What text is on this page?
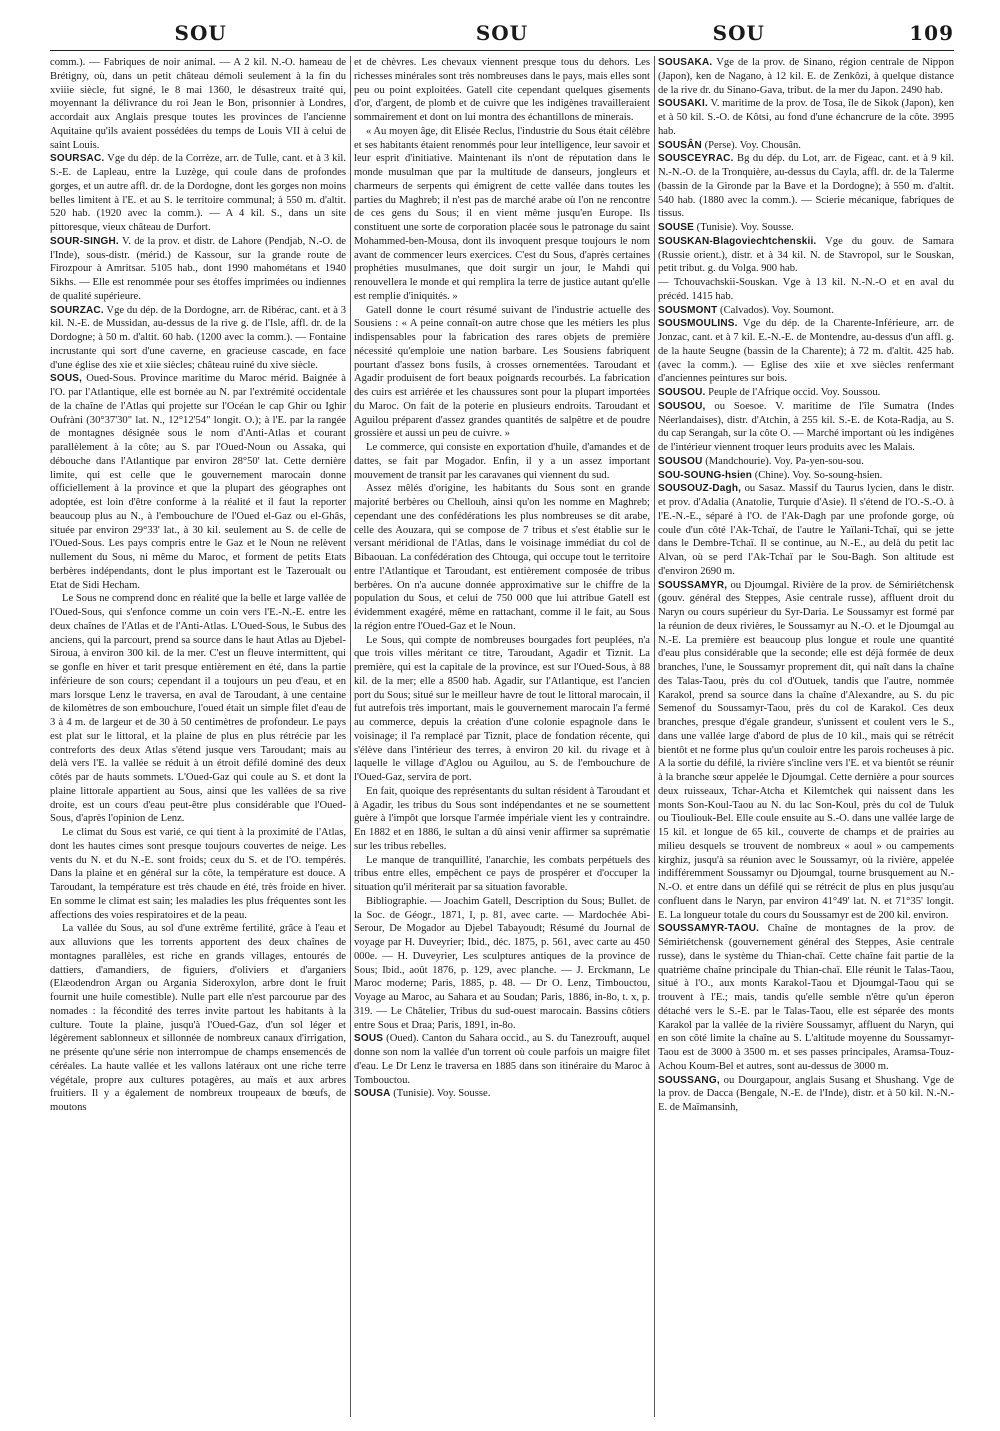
SOU	SOU	SOU	109

comm.). — Fabriques de noir animal. — A 2 kil. N.-O. hameau de Brétigny, où, dans un petit château démoli seulement à la fin du xviiie siècle, fut signé, le 8 mai 1360, le désastreux traité qui, moyennant la délivrance du roi Jean le Bon, prisonnier à Londres, accordait aux Anglais presque toutes les provinces de l'ancienne Aquitaine qu'ils avaient possédées du temps de Louis VII à celui de saint Louis.

SOURSAC. Vge du dép. de la Corrèze, arr. de Tulle, cant. et à 3 kil. S.-E. de Lapleau, entre la Luzège, qui coule dans de profondes gorges, et un autre affl. dr. de la Dordogne, dont les gorges non moins belles limitent à l'E. et au S. le territoire communal; à 550 m. d'altit. 520 hab. (1920 avec la comm.). — A 4 kil. S., dans un site pittoresque, vieux château de Durfort.

SOUR-SINGH. V. de la prov. et distr. de Lahore (Pendjab, N.-O. de l'Inde), sous-distr. (mérid.) de Kassour, sur la grande route de Firozpour à Amritsar. 5105 hab., dont 1990 mahométans et 1940 Sikhs. — Elle est renommée pour ses étoffes imprimées ou indiennes de qualité supérieure.

SOURZAC. Vge du dép. de la Dordogne, arr. de Ribérac, cant. et à 3 kil. N.-E. de Mussidan, au-dessus de la rive g. de l'Isle, affl. dr. de la Dordogne; à 50 m. d'altit. 60 hab. (1200 avec la comm.). — Fontaine incrustante qui sort d'une caverne, en gracieuse cascade, en face d'une église des xie et xiie siècles; château ruiné du xive siècle.

SOUS, Oued-Sous. Province maritime du Maroc mérid. Baignée à l'O. par l'Atlantique, elle est bornée au N. par l'extrémité occidentale de la chaîne de l'Atlas qui projette sur l'Océan le cap Ghir ou Ighir Oufràni (30°37'30" lat. N., 12°12'54" longit. O.); à l'E. par la rangée de montagnes désignée sous le nom d'Anti-Atlas et courant parallèlement à la côte; au S. par l'Oued-Noun ou Assaka, qui débouche dans l'Atlantique par environ 28°50' lat. Cette dernière limite, qui est celle que le gouvernement marocain donne officiellement à la province et que la plupart des géographes ont adoptée, est loin d'être conforme à la réalité et il faut la reporter beaucoup plus au N., à l'embouchure de l'Oued el-Gaz ou el-Ghâs, située par environ 29°33' lat., à 30 kil. seulement au S. de celle de l'Oued-Sous. Les pays compris entre le Gaz et le Noun ne relèvent nullement du Sous, ni même du Maroc, et forment de petits Etats berbères indépendants, dont le plus important est le Tazeroualt ou Etat de Sidi Hecham.

Le Sous ne comprend donc en réalité que la belle et large vallée de l'Oued-Sous, qui s'enfonce comme un coin vers l'E.-N.-E. entre les deux chaînes de l'Atlas et de l'Anti-Atlas. L'Oued-Sous, le Subus des anciens, qui la parcourt, prend sa source dans le haut Atlas au Djebel-Siroua, à environ 300 kil. de la mer. C'est un fleuve intermittent, qui se gonfle en hiver et tarit presque entièrement en été, dans la partie inférieure de son cours; cependant il a toujours un peu d'eau, et en mars lorsque Lenz le traversa, en aval de Taroudant, à une centaine de kilomètres de son embouchure, l'oued était un simple filet d'eau de 3 à 4 m. de largeur et de 30 à 50 centimètres de profondeur. Le pays est plat sur le littoral, et la plaine de plus en plus rétrécie par les contreforts des deux Atlas s'étend jusque vers Taroudant; mais au delà vers l'E. la vallée se réduit à un étroit défilé dominé des deux côtés par de hauts sommets. L'Oued-Gaz qui coule au S. et dont la plaine littorale appartient au Sous, ainsi que les vallées de sa rive droite, est un cours d'eau peut-être plus considérable que l'Oued-Sous, d'après l'opinion de Lenz.

Le climat du Sous est varié, ce qui tient à la proximité de l'Atlas, dont les hautes cimes sont presque toujours couvertes de neige. Les vents du N. et du N.-E. sont froids; ceux du S. et de l'O. tempérés. Dans la plaine et en général sur la côte, la température est douce. A Taroudant, la température est très chaude en été, très froide en hiver. En somme le climat est sain; les maladies les plus fréquentes sont les affections des voies respiratoires et de la peau.

La vallée du Sous, au sol d'une extrême fertilité, grâce à l'eau et aux alluvions que les torrents apportent des deux chaînes de montagnes parallèles, est riche en grands villages, entourés de dattiers, d'amandiers, de figuiers, d'oliviers et d'arganiers (Elæodendron Argan ou Argania Sideroxylon, arbre dont le fruit fournit une huile comestible). Nulle part elle n'est parcourue par des nomades : la fécondité des terres invite partout les habitants à la culture. Toute la plaine, jusqu'à l'Oued-Gaz, d'un sol léger et légèrement sablonneux et sillonnée de nombreux canaux d'irrigation, ne présente qu'une série non interrompue de champs ensemencés de céréales. La haute vallée et les vallons latéraux ont une riche terre végétale, propre aux cultures potagères, au maïs et aux arbres fruitiers. Il y a également de nombreux troupeaux de bœufs, de moutons

et de chèvres. Les chevaux viennent presque tous du dehors. Les richesses minérales sont très nombreuses dans le pays, mais elles sont peu ou point exploitées. Gatell cite cependant quelques gisements d'or, d'argent, de plomb et de cuivre que les indigènes travailleraient sommairement et dont on lui montra des échantillons de minerais.

« Au moyen âge, dit Elisée Reclus, l'industrie du Sous était célèbre et ses habitants étaient renommés pour leur intelligence, leur savoir et leur esprit d'initiative. Maintenant ils n'ont de réputation dans le monde musulman que par la multitude de danseurs, jongleurs et charmeurs de serpents qui émigrent de cette vallée dans toutes les parties du Maghreb; il n'est pas de marché arabe où l'on ne rencontre de ces gens du Sous; il en vient même jusqu'en Europe. Ils constituent une sorte de corporation placée sous le patronage du saint Mohammed-ben-Mousa, dont ils invoquent presque toujours le nom avant de commencer leurs exercices. C'est du Sous, d'après certaines prophéties musulmanes, que doit surgir un jour, le Mahdi qui renouvellera le monde et qui remplira la terre de justice autant qu'elle est remplie d'iniquités. »

Gatell donne le court résumé suivant de l'industrie actuelle des Sousiens : « A peine connaît-on autre chose que les métiers les plus indispensables pour la fabrication des rares objets de première nécessité qu'emploie une nation barbare. Les Sousiens fabriquent pourtant d'assez bons fusils, à crosses ornementées. Taroudant et Agadir produisent de fort beaux poignards recourbés. La fabrication des cuirs est arriérée et les chaussures sont pour la plupart importées du Maroc. On fait de la poterie en plusieurs endroits. Taroudant et Aguilou préparent d'assez grandes quantités de salpêtre et de poudre grossière et aussi un peu de cuivre. »

Le commerce, qui consiste en exportation d'huile, d'amandes et de dattes, se fait par Mogador. Enfin, il y a un assez important mouvement de transit par les caravanes qui viennent du sud.

Assez mêlés d'origine, les habitants du Sous sont en grande majorité berbères ou Chellouh, ainsi qu'on les nomme en Maghreb; cependant une des confédérations les plus nombreuses se dit arabe, celle des Aouzara, qui se compose de 7 tribus et s'est établie sur le versant méridional de l'Atlas, dans le voisinage immédiat du col de Bibaouan. La confédération des Chtouga, qui occupe tout le territoire entre l'Atlantique et Taroudant, est entièrement composée de tribus berbères. On n'a aucune donnée approximative sur le chiffre de la population du Sous, et celui de 750 000 que lui attribue Gatell est évidemment exagéré, même en rattachant, comme il le fait, au Sous la région entre l'Oued-Gaz et le Noun.

Le Sous, qui compte de nombreuses bourgades fort peuplées, n'a que trois villes méritant ce titre, Taroudant, Agadir et Tiznit. La première, qui est la capitale de la province, est sur l'Oued-Sous, à 88 kil. de la mer; elle a 8500 hab. Agadir, sur l'Atlantique, est l'ancien port du Sous; situé sur le meilleur havre de tout le littoral marocain, il fut autrefois très important, mais le gouvernement marocain l'a fermé au commerce, depuis la création d'une colonie espagnole dans le voisinage; il l'a remplacé par Tiznit, place de fondation récente, qui s'élève dans l'intérieur des terres, à environ 20 kil. du rivage et à laquelle le village d'Aglou ou Aguilou, au S. de l'embouchure de l'Oued-Gaz, servira de port.

En fait, quoique des représentants du sultan résident à Taroudant et à Agadir, les tribus du Sous sont indépendantes et ne se soumettent guère à l'impôt que lorsque l'armée impériale vient les y contraindre. En 1882 et en 1886, le sultan a dû ainsi venir affirmer sa suprématie sur les tribus rebelles.

Le manque de tranquillité, l'anarchie, les combats perpétuels des tribus entre elles, empêchent ce pays de prospérer et d'occuper la situation qu'il mériterait par sa situation favorable.

Bibliographie. — Joachim Gatell, Description du Sous; Bullet. de la Soc. de Géogr., 1871, I, p. 81, avec carte. — Mardochée Abi-Serour, De Mogador au Djebel Tabayoudt; Résumé du Journal de voyage par H. Duveyrier; Ibid., déc. 1875, p. 561, avec carte au 450 000e. — H. Duveyrier, Les sculptures antiques de la province de Sous; Ibid., août 1876, p. 129, avec planche. — J. Erckmann, Le Maroc moderne; Paris, 1885, p. 48. — Dr O. Lenz, Timbouctou, Voyage au Maroc, au Sahara et au Soudan; Paris, 1886, in-8o, t. x, p. 319. — Le Châtelier, Tribus du sud-ouest marocain. Bassins côtiers entre Sous et Draa; Paris, 1891, in-8o.

SOUS (Oued). Canton du Sahara occid., au S. du Tanezrouft, auquel donne son nom la vallée d'un torrent où coule parfois un maigre filet d'eau. Le Dr Lenz le traversa en 1885 dans son itinéraire du Maroc à Tombouctou.

SOUSA (Tunisie). Voy. Sousse.

SOUSAKA. Vge de la prov. de Sinano, région centrale de Nippon (Japon), ken de Nagano, à 12 kil. E. de Zenkôzi, à quelque distance de la rive dr. du Sinano-Gava, tribut. de la mer du Japon. 2490 hab.

SOUSAKI. V. maritime de la prov. de Tosa, île de Sikok (Japon), ken et à 50 kil. S.-O. de Kôtsi, au fond d'une échancrure de la côte. 3995 hab.

SOUSÂN (Perse). Voy. Chousân.

SOUSCEYRAC. Bg du dép. du Lot, arr. de Figeac, cant. et à 9 kil. N.-N.-O. de la Tronquière, au-dessus du Cayla, affl. dr. de la Talerme (bassin de la Gironde par la Bave et la Dordogne); à 550 m. d'altit. 540 hab. (1880 avec la comm.). — Scierie mécanique, fabriques de tissus.

SOUSE (Tunisie). Voy. Sousse.

SOUSKAN-Blagoviechtchenskii. Vge du gouv. de Samara (Russie orient.), distr. et à 34 kil. N. de Stavropol, sur le Souskan, petit tribut. g. du Volga. 900 hab.

— Tchouvachskii-Souskan. Vge à 13 kil. N.-N.-O et en aval du précéd. 1415 hab.

SOUSMONT (Calvados). Voy. Soumont.

SOUSMOULINS. Vge du dép. de la Charente-Inférieure, arr. de Jonzac, cant. et à 7 kil. E.-N.-E. de Montendre, au-dessus d'un affl. g. de la haute Seugne (bassin de la Charente); à 72 m. d'altit. 425 hab. (avec la comm.). — Eglise des xiie et xve siècles renfermant d'anciennes peintures sur bois.

SOUSOU. Peuple de l'Afrique occid. Voy. Soussou.

SOUSOU, ou Soesoe. V. maritime de l'île Sumatra (Indes Néerlandaises), distr. d'Atchin, à 255 kil. S.-E. de Kota-Radja, au S. du cap Serangah, sur la côte O. — Marché important où les indigènes de l'intérieur viennent troquer leurs produits avec les Malais.

SOUSOU (Mandchourie). Voy. Pa-yen-sou-sou.

SOU-SOUNG-hsien (Chine). Voy. So-soung-hsien.

SOUSOUZ-Dagh, ou Sasaz. Massif du Taurus lycien, dans le distr. et prov. d'Adalia (Anatolie, Turquie d'Asie). Il s'étend de l'O.-S.-O. à l'E.-N.-E., séparé à l'O. de l'Ak-Dagh par une profonde gorge, où coule d'un côté l'Ak-Tchaï, de l'autre le Yaïlani-Tchaï, qui se jette dans le Dembre-Tchaï. Il se continue, au N.-E., au delà du petit lac Alvan, où se perd l'Ak-Tchaï par le Sou-Bagh. Son altitude est d'environ 2690 m.

SOUSSAMYR, ou Djoumgal. Rivière de la prov. de Sémiriétchensk (gouv. général des Steppes, Asie centrale russe), affluent droit du Naryn ou cours supérieur du Syr-Daria. Le Soussamyr est formé par la réunion de deux rivières, le Soussamyr au N.-O. et le Djoumgal au N.-E. La première est beaucoup plus longue et roule une quantité d'eau plus considérable que la seconde; elle est déjà formée de deux branches, l'une, le Soussamyr proprement dit, qui naît dans la chaîne des Talas-Taou, près du col d'Outuek, tandis que l'autre, nommée Karakol, prend sa source dans la chaîne d'Alexandre, au S. du pic Semenof du Soussamyr-Taou, près du col de Karakol. Ces deux branches, presque d'égale grandeur, s'unissent et coulent vers le S., dans une vallée large d'abord de plus de 10 kil., mais qui se rétrécit bientôt et ne forme plus qu'un couloir entre les parois rocheuses à pic. A la sortie du défilé, la rivière s'incline vers l'E. et va bientôt se réunir à la branche sœur appelée le Djoumgal. Cette dernière a pour sources deux ruisseaux, Tchar-Atcha et Kilemtchek qui naissent dans les monts Son-Koul-Taou au N. du lac Son-Koul, près du col de Tuluk ou Tiouliouk-Bel. Elle coule ensuite au S.-O. dans une vallée large de 15 kil. et longue de 65 kil., couverte de champs et de prairies au milieu desquels se trouvent de nombreux « aoul » ou campements kirghiz, jusqu'à sa réunion avec le Soussamyr, où la rivière, appelée indifféremment Soussamyr ou Djoumgal, tourne brusquement au N.-N.-O. et entre dans un défilé qui se rétrécit de plus en plus jusqu'au confluent dans le Naryn, par environ 41°49' lat. N. et 71°35' longit. E. La longueur totale du cours du Soussamyr est de 200 kil. environ.

SOUSSAMYR-TAOU. Chaîne de montagnes de la prov. de Sémiriétchensk (gouvernement général des Steppes, Asie centrale russe), dans le système du Thian-chaï. Cette chaîne fait partie de la quatrième chaîne principale du Thian-chaï. Elle réunit le Talas-Taou, situé à l'O., aux monts Karakol-Taou et Djoumgal-Taou qui se trouvent à l'E.; mais, tandis qu'elle semble n'être qu'un éperon détaché vers le S.-E. par le Talas-Taou, elle est séparée des monts Karakol par la vallée de la rivière Soussamyr, affluent du Naryn, qui en son côté limite la chaîne au S. L'altitude moyenne du Soussamyr-Taou est de 3000 à 3500 m. et ses passes principales, Aramsa-Touz-Achou Koum-Bel et autres, sont au-dessus de 3000 m.

SOUSSANG, ou Dourgapour, anglais Susang et Shushang. Vge de la prov. de Dacca (Bengale, N.-E. de l'Inde), distr. et à 50 kil. N.-N.-E. de Maïmansinh,
